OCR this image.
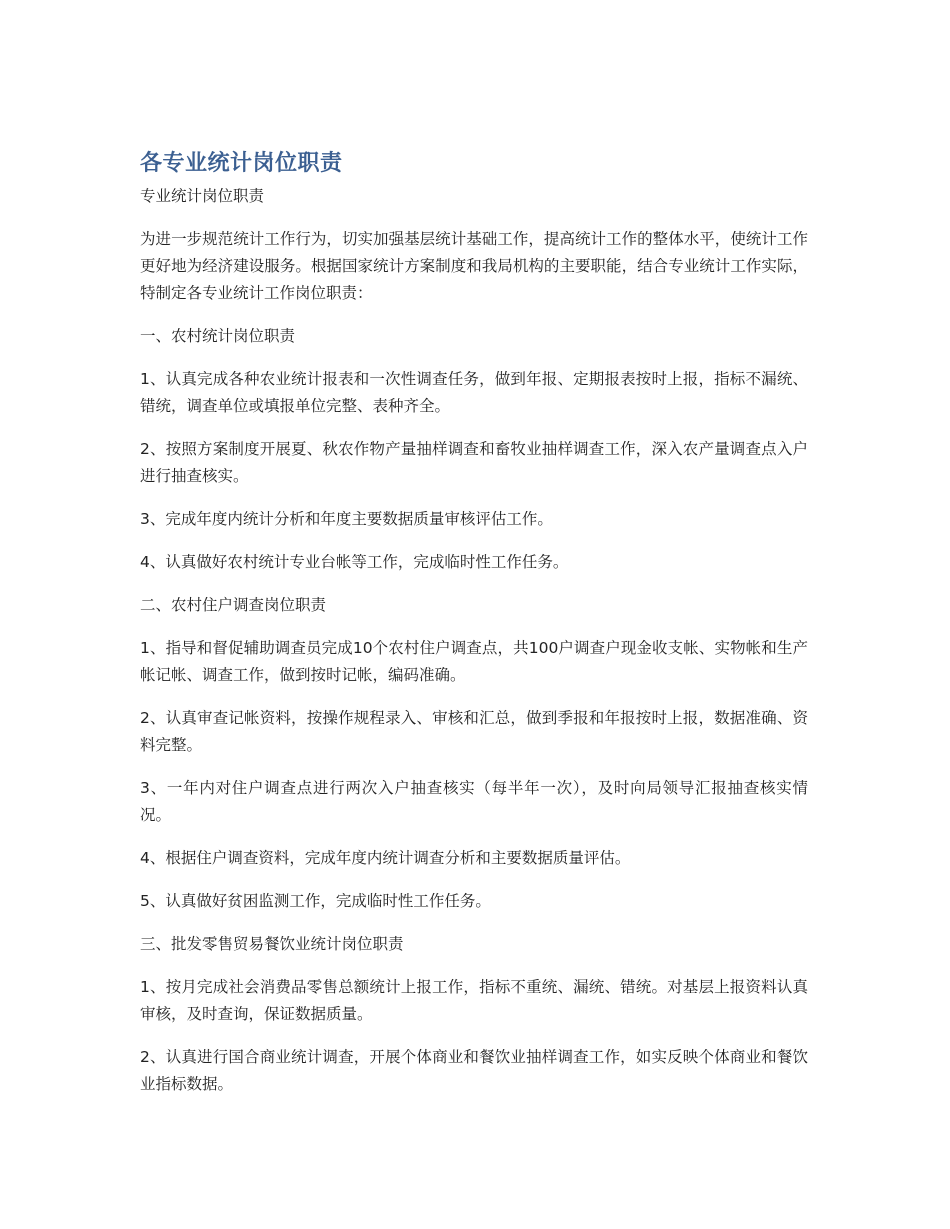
各专业统计岗位职责
专业统计岗位职责

为进一步规范统计工作行为，切实加强基层统计基础工作，提高统计工作的整体水平，使统计工作更好地为经济建设服务。根据国家统计方案制度和我局机构的主要职能，结合专业统计工作实际，特制定各专业统计工作岗位职责：

一、农村统计岗位职责

1、认真完成各种农业统计报表和一次性调查任务，做到年报、定期报表按时上报，指标不漏统、错统，调查单位或填报单位完整、表种齐全。

2、按照方案制度开展夏、秋农作物产量抽样调查和畜牧业抽样调查工作，深入农产量调查点入户进行抽查核实。

3、完成年度内统计分析和年度主要数据质量审核评估工作。

4、认真做好农村统计专业台帐等工作，完成临时性工作任务。

二、农村住户调查岗位职责

1、指导和督促辅助调查员完成10个农村住户调查点，共100户调查户现金收支帐、实物帐和生产帐记帐、调查工作，做到按时记帐，编码准确。

2、认真审查记帐资料，按操作规程录入、审核和汇总，做到季报和年报按时上报，数据准确、资料完整。

3、一年内对住户调查点进行两次入户抽查核实（每半年一次），及时向局领导汇报抽查核实情况。

4、根据住户调查资料，完成年度内统计调查分析和主要数据质量评估。

5、认真做好贫困监测工作，完成临时性工作任务。

三、批发零售贸易餐饮业统计岗位职责

1、按月完成社会消费品零售总额统计上报工作，指标不重统、漏统、错统。对基层上报资料认真审核，及时查询，保证数据质量。

2、认真进行国合商业统计调查，开展个体商业和餐饮业抽样调查工作，如实反映个体商业和餐饮业指标数据。
